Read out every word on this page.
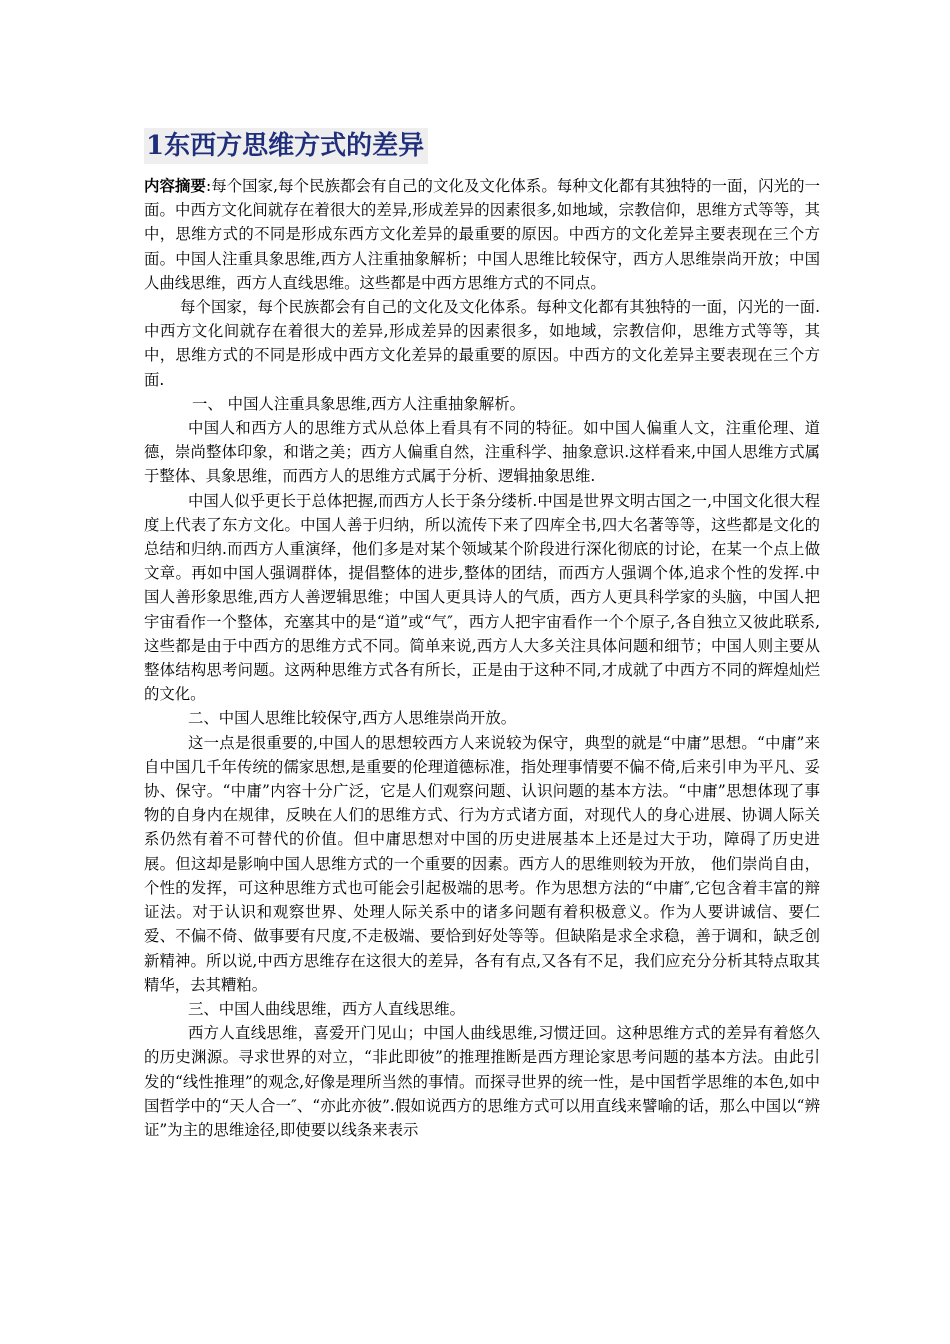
1东西方思维方式的差异

内容摘要:每个国家,每个民族都会有自己的文化及文化体系。每种文化都有其独特的一面，闪光的一面。中西方文化间就存在着很大的差异,形成差异的因素很多,如地域，宗教信仰，思维方式等等，其中，思维方式的不同是形成东西方文化差异的最重要的原因。中西方的文化差异主要表现在三个方面。中国人注重具象思维,西方人注重抽象解析；中国人思维比较保守，西方人思维崇尚开放；中国人曲线思维，西方人直线思维。这些都是中西方思维方式的不同点。

每个国家，每个民族都会有自己的文化及文化体系。每种文化都有其独特的一面，闪光的一面.中西方文化间就存在着很大的差异,形成差异的因素很多，如地域，宗教信仰，思维方式等等，其中，思维方式的不同是形成中西方文化差异的最重要的原因。中西方的文化差异主要表现在三个方面.

一、 中国人注重具象思维,西方人注重抽象解析。

中国人和西方人的思维方式从总体上看具有不同的特征。如中国人偏重人文，注重伦理、道德，崇尚整体印象，和谐之美；西方人偏重自然，注重科学、抽象意识.这样看来,中国人思维方式属于整体、具象思维，而西方人的思维方式属于分析、逻辑抽象思维.

中国人似乎更长于总体把握,而西方人长于条分缕析.中国是世界文明古国之一,中国文化很大程度上代表了东方文化。中国人善于归纳，所以流传下来了四库全书,四大名著等等，这些都是文化的总结和归纳.而西方人重演绎，他们多是对某个领域某个阶段进行深化彻底的讨论，在某一个点上做文章。再如中国人强调群体，提倡整体的进步,整体的团结，而西方人强调个体,追求个性的发挥.中国人善形象思维,西方人善逻辑思维；中国人更具诗人的气质，西方人更具科学家的头脑，中国人把宇宙看作一个整体，充塞其中的是“道”或“气″，西方人把宇宙看作一个个原子,各自独立又彼此联系,这些都是由于中西方的思维方式不同。简单来说,西方人大多关注具体问题和细节；中国人则主要从整体结构思考问题。这两种思维方式各有所长，正是由于这种不同,才成就了中西方不同的辉煌灿烂的文化。

二、中国人思维比较保守,西方人思维崇尚开放。

这一点是很重要的,中国人的思想较西方人来说较为保守，典型的就是“中庸”思想。“中庸”来自中国几千年传统的儒家思想,是重要的伦理道德标准，指处理事情要不偏不倚,后来引申为平凡、妥协、保守。“中庸”内容十分广泛，它是人们观察问题、认识问题的基本方法。“中庸”思想体现了事物的自身内在规律，反映在人们的思维方式、行为方式诸方面，对现代人的身心进展、协调人际关系仍然有着不可替代的价值。但中庸思想对中国的历史进展基本上还是过大于功，障碍了历史进展。但这却是影响中国人思维方式的一个重要的因素。西方人的思维则较为开放， 他们崇尚自由，个性的发挥，可这种思维方式也可能会引起极端的思考。作为思想方法的“中庸″,它包含着丰富的辩证法。对于认识和观察世界、处理人际关系中的诸多问题有着积极意义。作为人要讲诚信、要仁爱、不偏不倚、做事要有尺度,不走极端、要恰到好处等等。但缺陷是求全求稳，善于调和，缺乏创新精神。所以说,中西方思维存在这很大的差异，各有有点,又各有不足，我们应充分分析其特点取其精华，去其糟粕。

三、中国人曲线思维，西方人直线思维。

西方人直线思维，喜爱开门见山；中国人曲线思维,习惯迂回。这种思维方式的差异有着悠久的历史渊源。寻求世界的对立，“非此即彼”的推理推断是西方理论家思考问题的基本方法。由此引发的“线性推理”的观念,好像是理所当然的事情。而探寻世界的统一性，是中国哲学思维的本色,如中国哲学中的“天人合一″、“亦此亦彼”.假如说西方的思维方式可以用直线来譬喻的话，那么中国以“辨证”为主的思维途径,即使要以线条来表示
